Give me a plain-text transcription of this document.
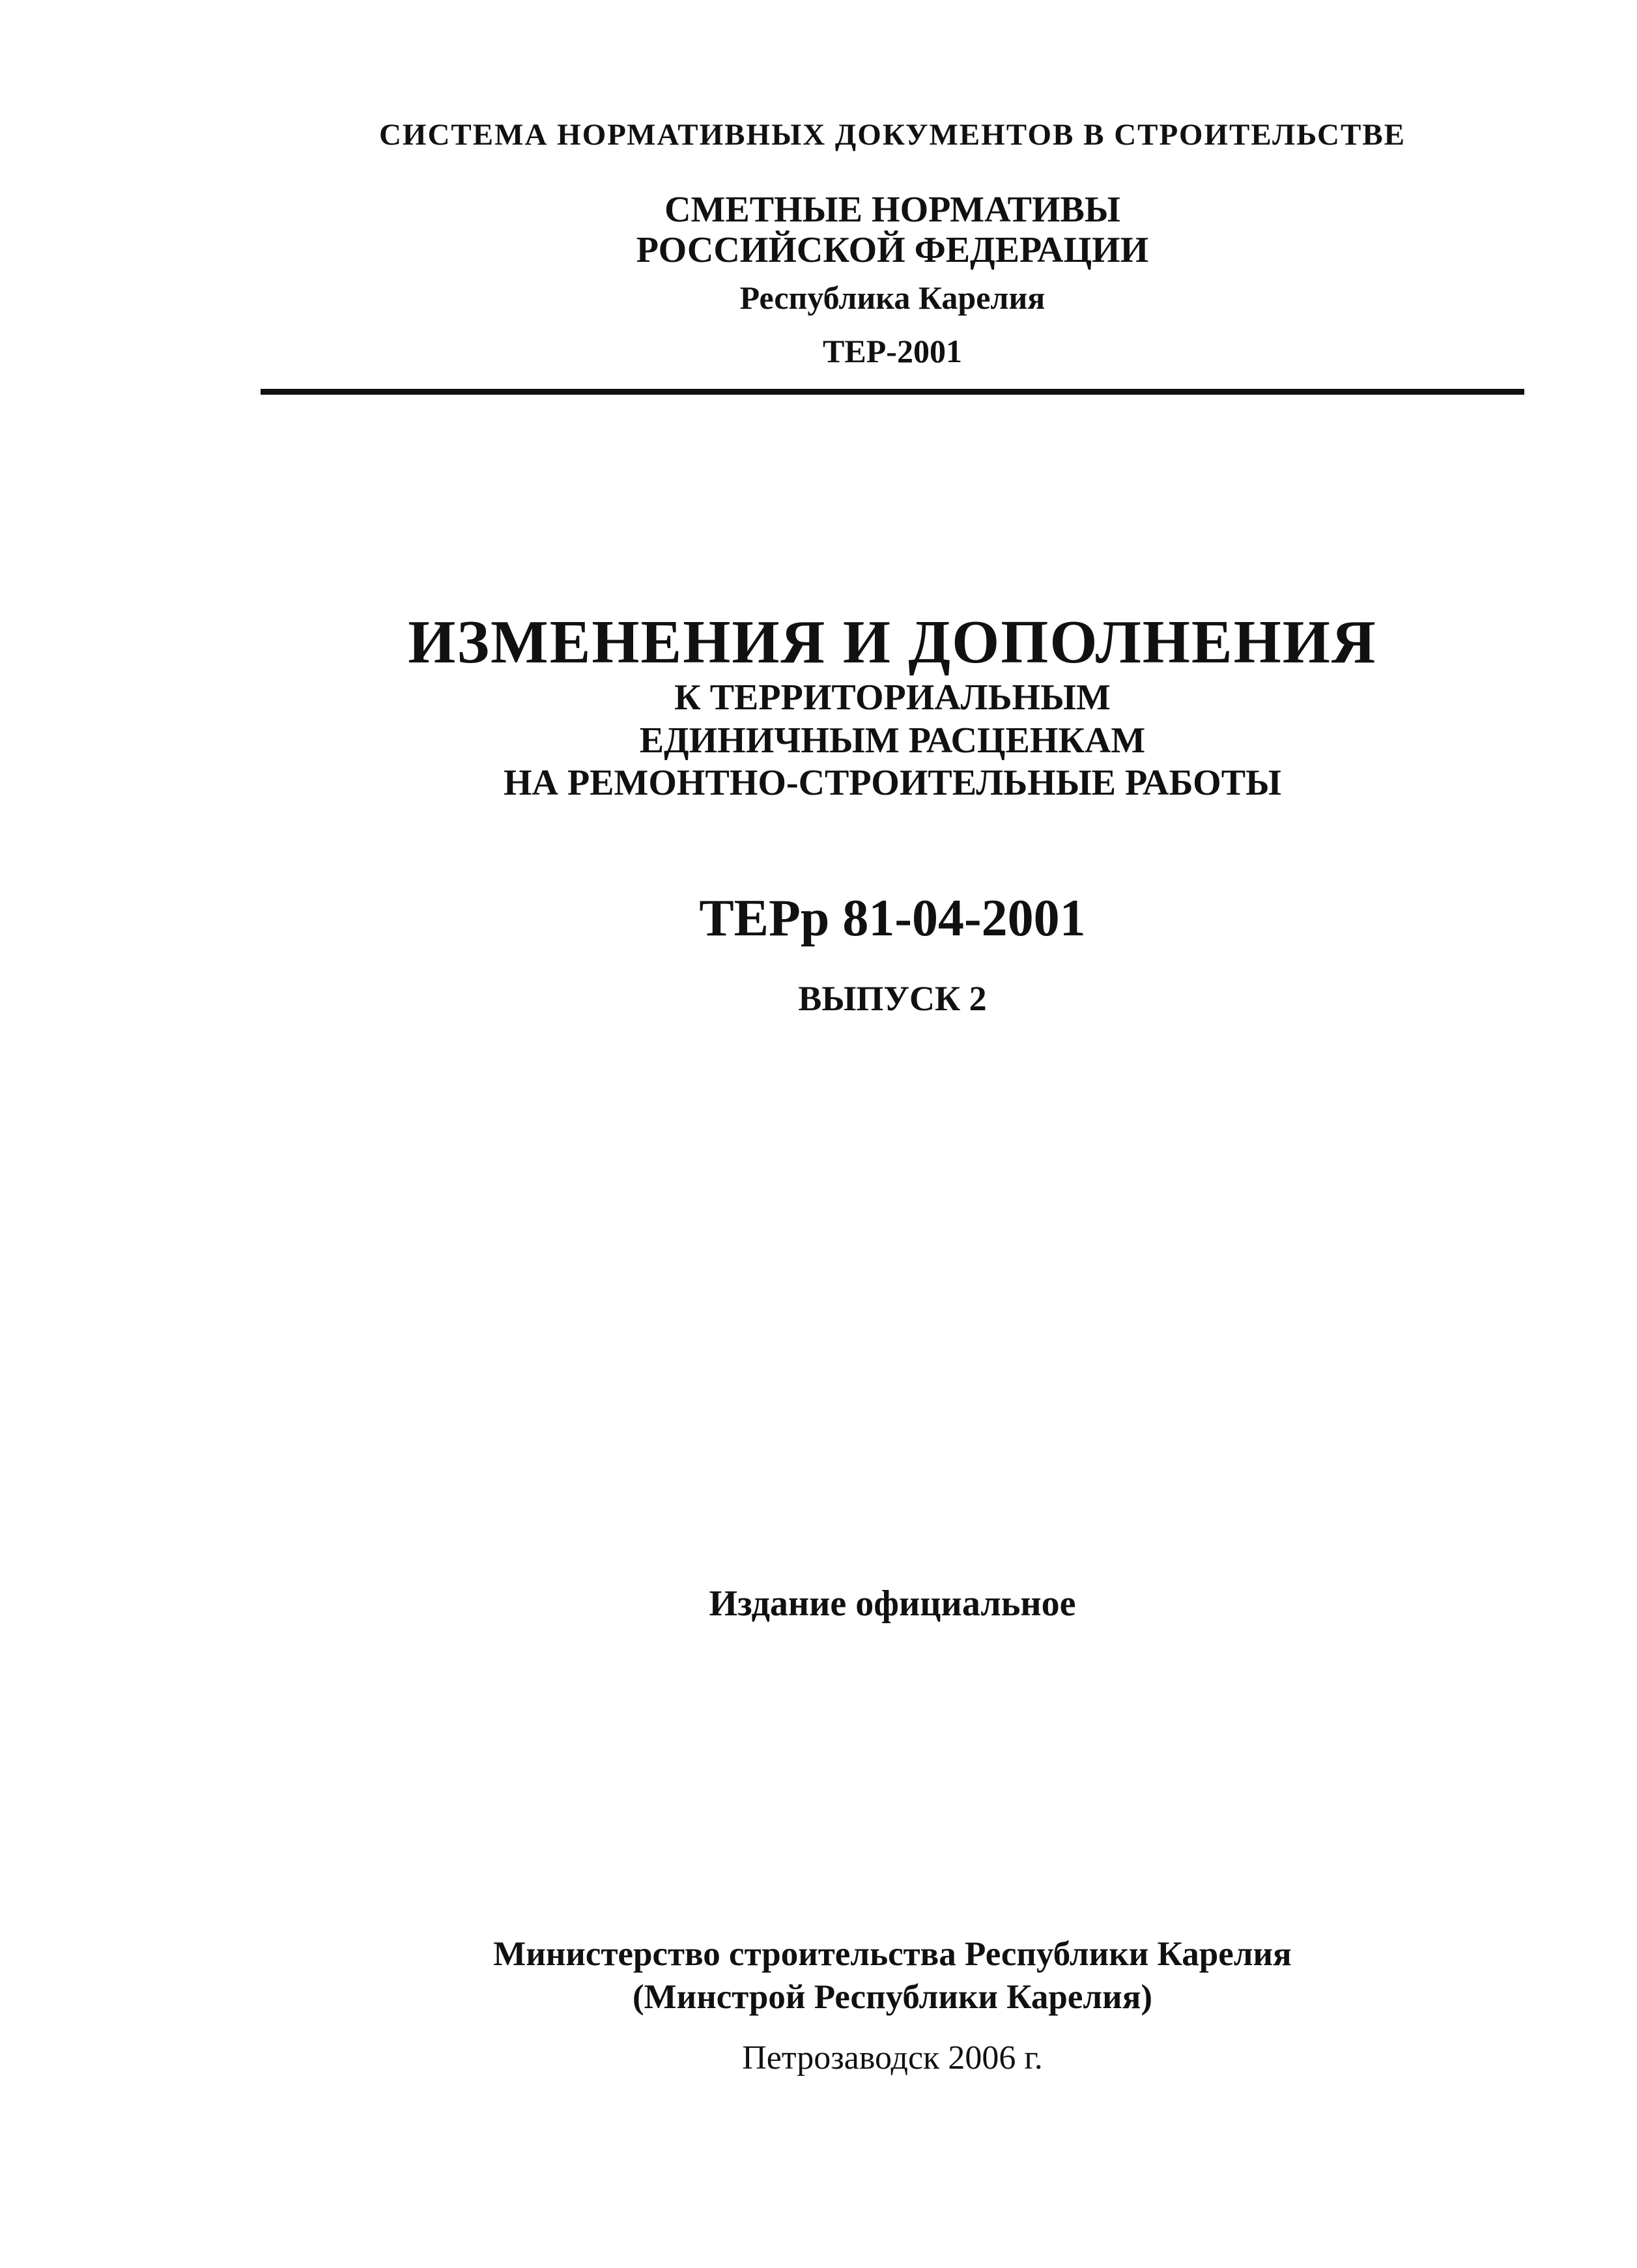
СИСТЕМА НОРМАТИВНЫХ ДОКУМЕНТОВ В СТРОИТЕЛЬСТВЕ
СМЕТНЫЕ НОРМАТИВЫ
РОССИЙСКОЙ ФЕДЕРАЦИИ
Республика Карелия
ТЕР-2001
ИЗМЕНЕНИЯ И ДОПОЛНЕНИЯ
К ТЕРРИТОРИАЛЬНЫМ
ЕДИНИЧНЫМ РАСЦЕНКАМ
НА РЕМОНТНО-СТРОИТЕЛЬНЫЕ РАБОТЫ
ТЕРр 81-04-2001
ВЫПУСК 2
Издание официальное
Министерство строительства Республики Карелия
(Минстрой Республики Карелия)
Петрозаводск 2006 г.
